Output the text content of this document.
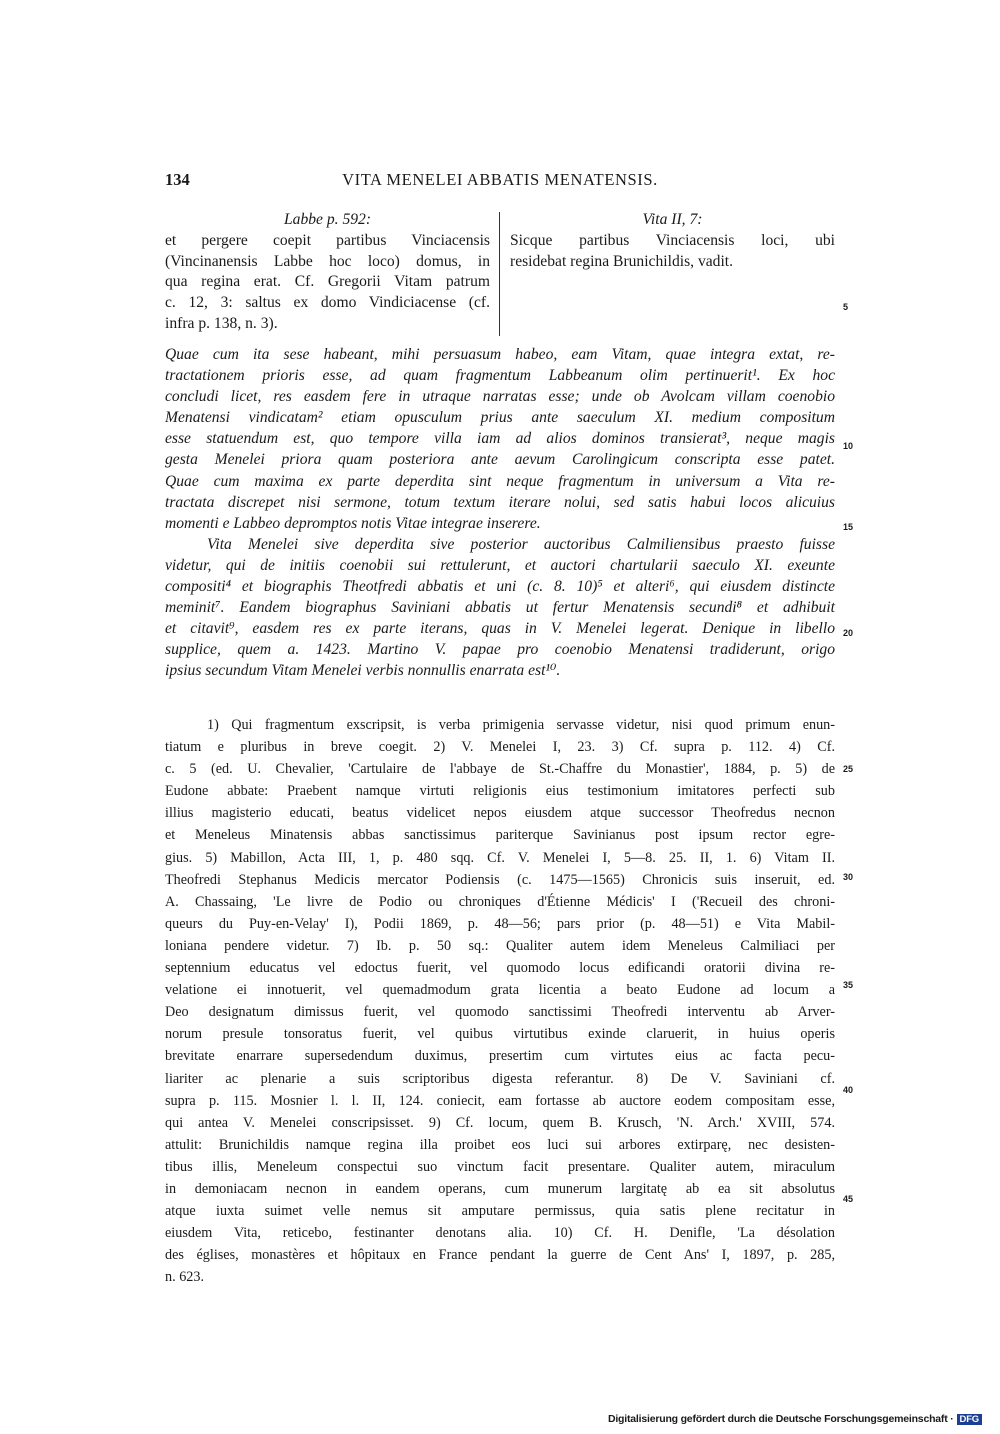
134	VITA MENELEI ABBATIS MENATENSIS.
Labbe p. 592:
et pergere coepit partibus Vinciacensis
(Vincinanensis Labbe hoc loco) domus, in
qua regina erat. Cf. Gregorii Vitam patrum
c. 12, 3: saltus ex domo Vindiciacense (cf.
infra p. 138, n. 3).
Vita II, 7:
Sicque partibus Vinciacensis loci, ubi
residebat regina Brunichildis, vadit.
Quae cum ita sese habeant, mihi persuasum habeo, eam Vitam, quae integra extat, re-
tractationem prioris esse, ad quam fragmentum Labbeanum olim pertinuerit¹. Ex hoc
concludi licet, res easdem fere in utraque narratas esse; unde ob Avolcam villam coenobio
Menatensi vindicatam² etiam opusculum prius ante saeculum XI. medium compositum
esse statuendum est, quo tempore villa iam ad alios dominos transierat³, neque magis
gesta Menelei priora quam posteriora ante aevum Carolingicum conscripta esse patet.
Quae cum maxima ex parte deperdita sint neque fragmentum in universum a Vita re-
tractata discrepet nisi sermone, totum textum iterare nolui, sed satis habui locos alicuius
momenti e Labbeo depromptos notis Vitae integrae inserere.
Vita Menelei sive deperdita sive posterior auctoribus Calmiliensibus praesto fuisse
videtur, qui de initiis coenobii sui rettulerunt, et auctori chartularii saeculo XI. exeunte
compositi⁴ et biographis Theotfredi abbatis et uni (c. 8. 10)⁵ et alteri⁶, qui eiusdem distincte
meminit⁷. Eandem biographus Saviniani abbatis ut fertur Menatensis secundi⁸ et adhibuit
et citavit⁹, easdem res ex parte iterans, quas in V. Menelei legerat. Denique in libello
supplice, quem a. 1423. Martino V. papae pro coenobio Menatensi tradiderunt, origo
ipsius secundum Vitam Menelei verbis nonnullis enarrata est¹⁰.
1) Qui fragmentum exscripsit, is verba primigenia servasse videtur, nisi quod primum enun-
tiatum e pluribus in breve coegit. 2) V. Menelei I, 23. 3) Cf. supra p. 112. 4) Cf.
c. 5 (ed. U. Chevalier, 'Cartulaire de l'abbaye de St.-Chaffre du Monastier', 1884, p. 5) de
Eudone abbate: Praebent namque virtuti religionis eius testimonium imitatores perfecti sub
illius magisterio educati, beatus videlicet nepos eiusdem atque successor Theofredus necnon
et Meneleus Minatensis abbas sanctissimus pariterque Savinianus post ipsum rector egre-
gius. 5) Mabillon, Acta III, 1, p. 480 sqq. Cf. V. Menelei I, 5—8. 25. II, 1. 6) Vitam II.
Theofredi Stephanus Medicis mercator Podiensis (c. 1475—1565) Chronicis suis inseruit, ed.
A. Chassaing, 'Le livre de Podio ou chroniques d'Étienne Médicis' I ('Recueil des chroni-
queurs du Puy-en-Velay' I), Podii 1869, p. 48—56; pars prior (p. 48—51) e Vita Mabil-
loniana pendere videtur. 7) Ib. p. 50 sq.: Qualiter autem idem Meneleus Calmiliaci per
septennium educatus vel edoctus fuerit, vel quomodo locus edificandi oratorii divina re-
velatione ei innotuerit, vel quemadmodum grata licentia a beato Eudone ad locum a
Deo designatum dimissus fuerit, vel quomodo sanctissimi Theofredi interventu ab Arver-
norum presule tonsoratus fuerit, vel quibus virtutibus exinde claruerit, in huius operis
brevitate enarrare supersedendum duximus, presertim cum virtutes eius ac facta pecu-
liariter ac plenarie a suis scriptoribus digesta referantur. 8) De V. Saviniani cf.
supra p. 115. Mosnier l. l. II, 124. coniecit, eam fortasse ab auctore eodem compositam esse,
qui antea V. Menelei conscripsisset. 9) Cf. locum, quem B. Krusch, 'N. Arch.' XVIII, 574.
attulit: Brunichildis namque regina illa proibet eos luci sui arbores extirparę, nec desisten-
tibus illis, Meneleum conspectui suo vinctum facit presentare. Qualiter autem, miraculum
in demoniacam necnon in eandem operans, cum munerum largitatę ab ea sit absolutus
atque iuxta suimet velle nemus sit amputare permissus, quia satis plene recitatur in
eiusdem Vita, reticebo, festinanter denotans alia. 10) Cf. H. Denifle, 'La désolation
des églises, monastères et hôpitaux en France pendant la guerre de Cent Ans' I, 1897, p. 285,
n. 623.
5
10
15
20
25
30
35
40
45
Digitalisierung gefördert durch die Deutsche Forschungsgemeinschaft · DFG
